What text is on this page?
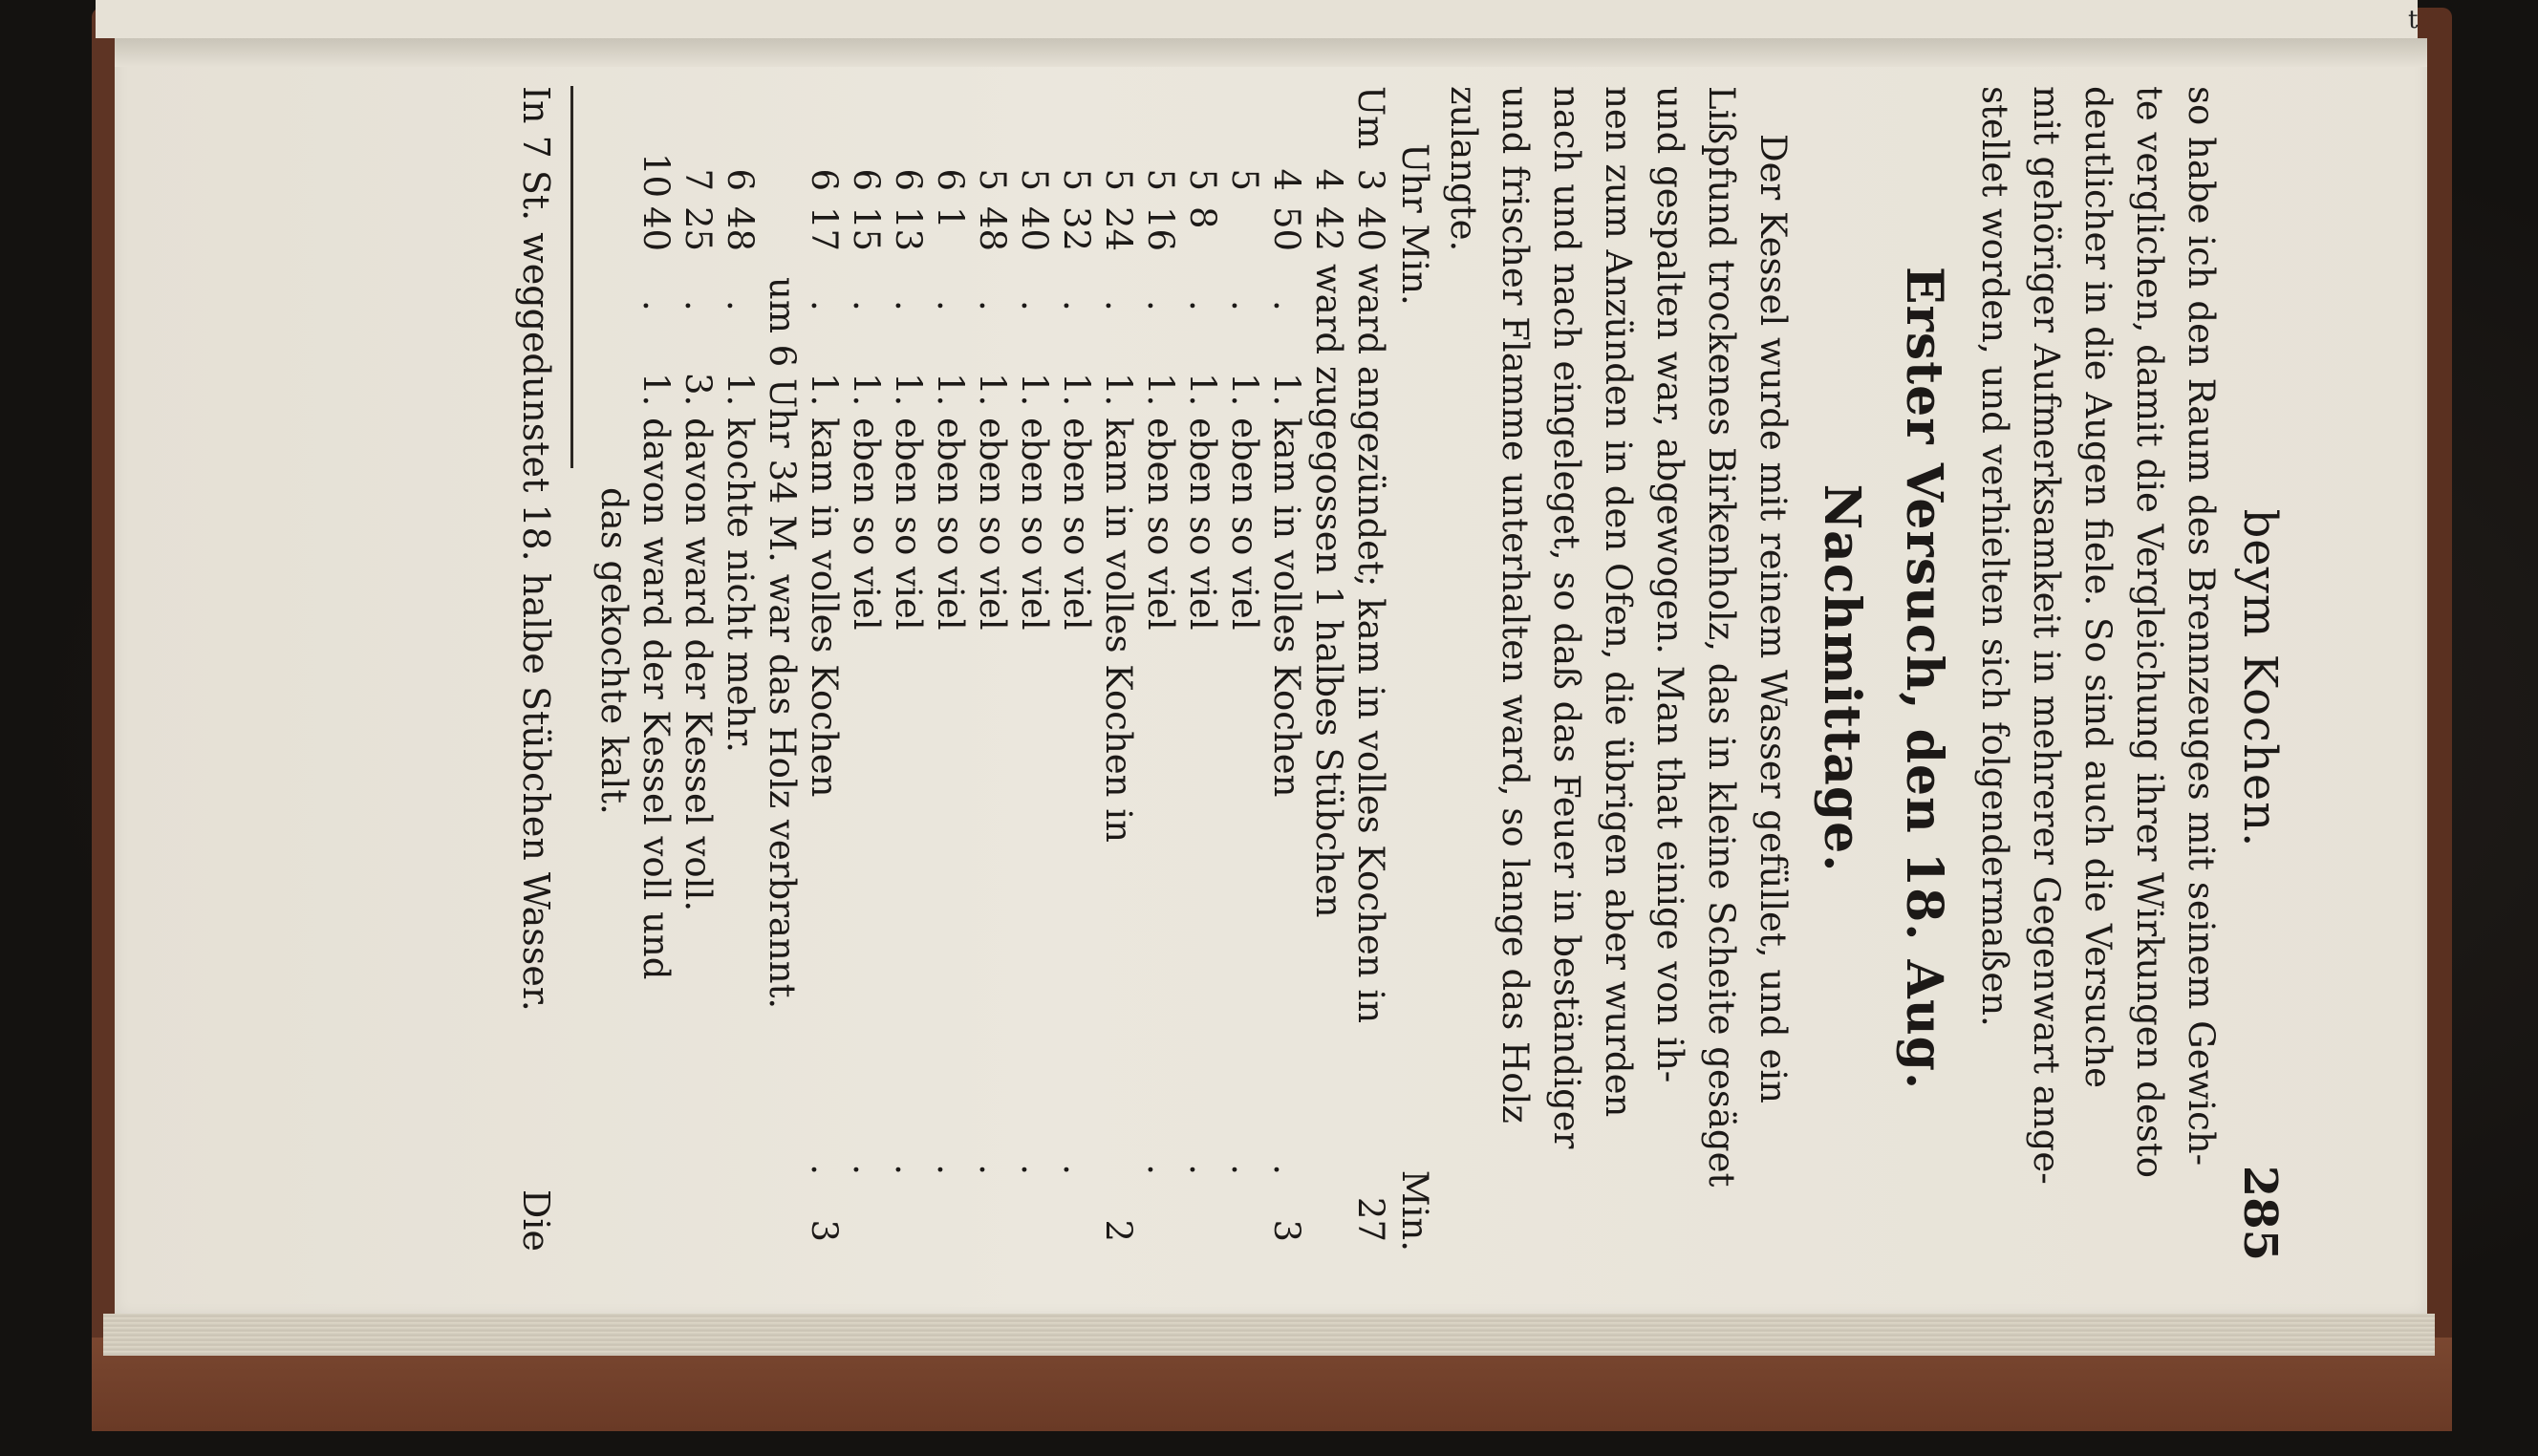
beym Kochen.
285

so habe ich den Raum des Brennzeuges mit seinem Gewich-

te verglichen, damit die Vergleichung ihrer Wirkungen desto

deutlicher in die Augen fiele. So sind auch die Versuche

mit gehöriger Aufmerksamkeit in mehrerer Gegenwart ange-

stellet worden, und verhielten sich folgendermaßen.

Erster Versuch, den 18. Aug. Nachmittage.

Der Kessel wurde mit reinem Wasser gefüllet, und ein

Lißpfund trockenes Birkenholz, das in kleine Scheite gesäget

und gespalten war, abgewogen. Man that einige von ih-

nen zum Anzünden in den Ofen, die übrigen aber wurden

nach und nach eingeleget, so daß das Feuer in beständiger

und frischer Flamme unterhalten ward, so lange das Holz

zulangte.

Uhr Min.
Min.
Um
3
40
ward angezündet; kam in volles Kochen in
27
4
42
ward zugegossen 1 halbes Stübchen
4
50
.
1. kam in volles Kochen
.
3
5
.
1. eben so viel
.
5
8
.
1. eben so viel
.
5
16
.
1. eben so viel
.
5
24
.
1. kam in volles Kochen in
2
5
32
.
1. eben so viel
.
5
40
.
1. eben so viel
.
5
48
.
1. eben so viel
.
6
1
.
1. eben so viel
.
6
13
.
1. eben so viel
.
6
15
.
1. eben so viel
.
6
17
.
1. kam in volles Kochen
.
3
um 6 Uhr 34 M. war das Holz verbrannt.
6
48
.
1. kochte nicht mehr.
7
25
.
3. davon ward der Kessel voll.
10
40
.
1. davon ward der Kessel voll und
das gekochte kalt.
In 7 St. weggedunstet 18. halbe Stübchen Wasser.
Die
t
